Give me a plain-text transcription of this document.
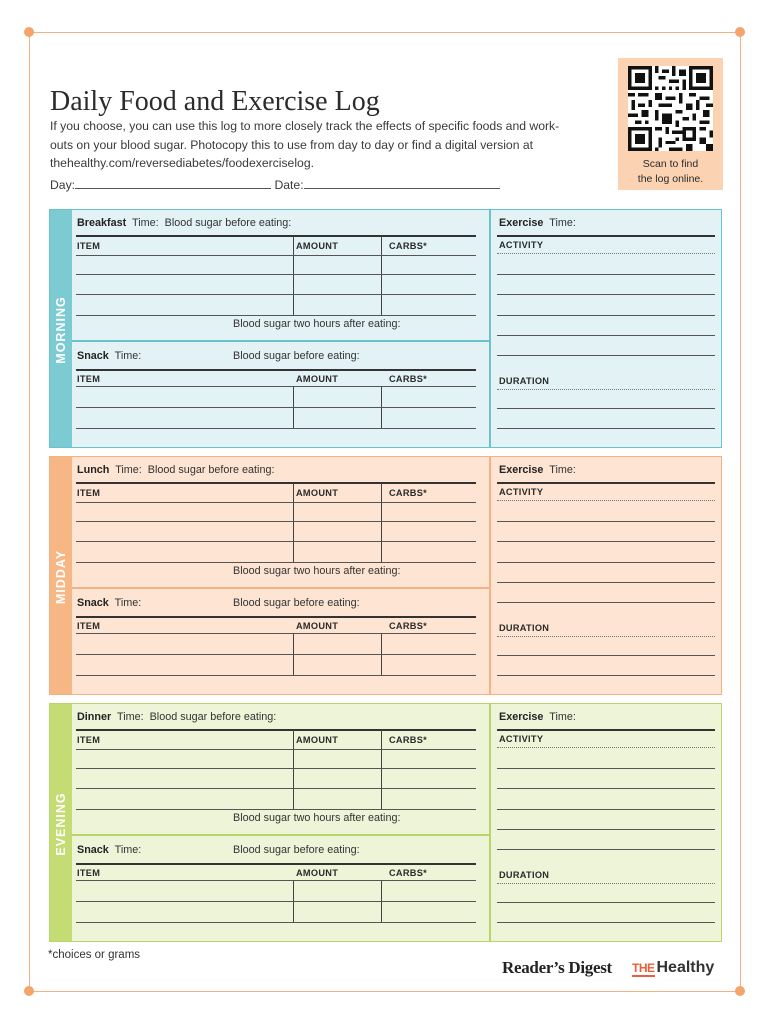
Daily Food and Exercise Log
If you choose, you can use this log to more closely track the effects of specific foods and work-
outs on your blood sugar. Photocopy this to use from day to day or find a digital version at
thehealthy.com/reversediabetes/foodexerciselog.
Day:	Date:
Scan to find
the log online.
MORNING
Breakfast Time: Blood sugar before eating:
ITEM	AMOUNT	CARBS*
Blood sugar two hours after eating:
Snack Time:	Blood sugar before eating:
ITEM	AMOUNT	CARBS*
Exercise Time:
ACTIVITY
DURATION
MIDDAY
Lunch Time: Blood sugar before eating:
ITEM	AMOUNT	CARBS*
Blood sugar two hours after eating:
Snack Time:	Blood sugar before eating:
ITEM	AMOUNT	CARBS*
Exercise Time:
ACTIVITY
DURATION
EVENING
Dinner Time: Blood sugar before eating:
ITEM	AMOUNT	CARBS*
Blood sugar two hours after eating:
Snack Time:	Blood sugar before eating:
ITEM	AMOUNT	CARBS*
Exercise Time:
ACTIVITY
DURATION
*choices or grams
Reader’s Digest THE Healthy
